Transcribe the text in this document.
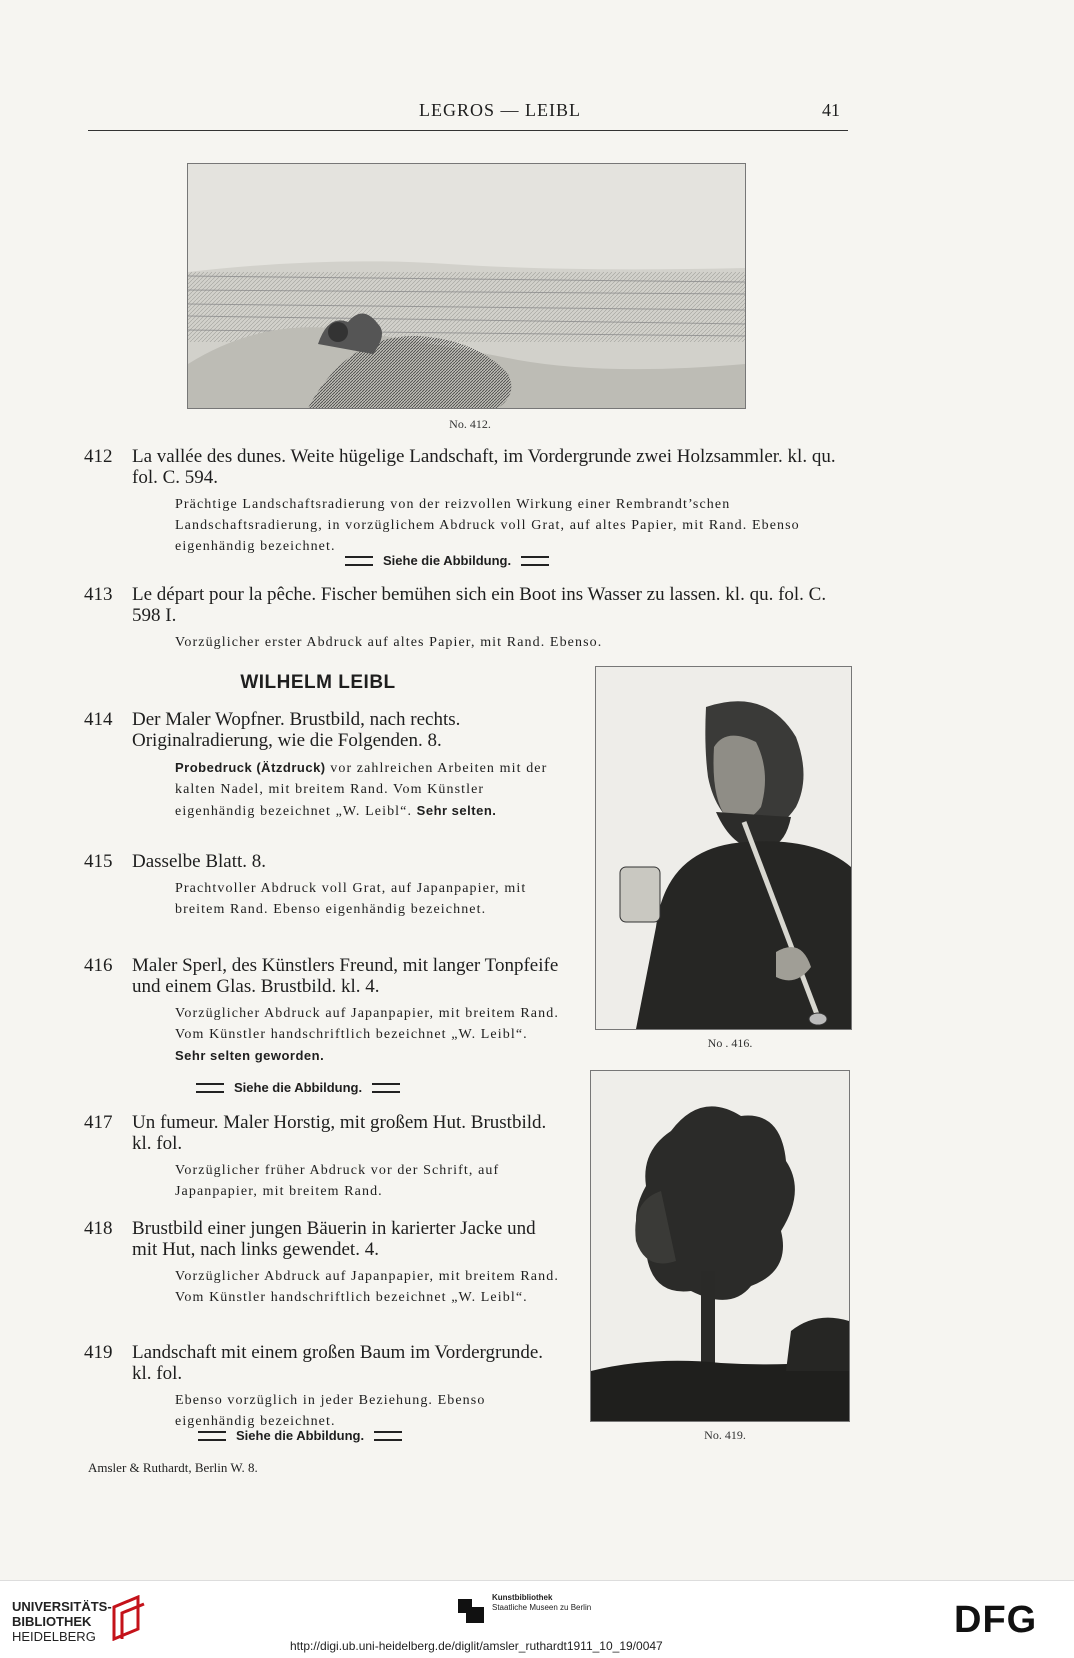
LEGROS — LEIBL	41
No. 412.
412 La vallée des dunes. Weite hügelige Landschaft, im Vordergrunde zwei Holzsammler. kl. qu. fol. C. 594.
Prächtige Landschaftsradierung von der reizvollen Wirkung einer Rembrandt’schen Landschaftsradierung, in vorzüglichem Abdruck voll Grat, auf altes Papier, mit Rand. Ebenso eigenhändig bezeichnet.
Siehe die Abbildung.
413 Le départ pour la pêche. Fischer bemühen sich ein Boot ins Wasser zu lassen. kl. qu. fol. C. 598 I.
Vorzüglicher erster Abdruck auf altes Papier, mit Rand. Ebenso.
WILHELM LEIBL
No . 416.
414 Der Maler Wopfner. Brustbild, nach rechts. Originalradierung, wie die Folgenden. 8.
Probedruck (Ätzdruck) vor zahlreichen Arbeiten mit der kalten Nadel, mit breitem Rand. Vom Künstler eigenhändig bezeichnet „W. Leibl“. Sehr selten.
415 Dasselbe Blatt. 8.
Prachtvoller Abdruck voll Grat, auf Japanpapier, mit breitem Rand. Ebenso eigenhändig bezeichnet.
416 Maler Sperl, des Künstlers Freund, mit langer Tonpfeife und einem Glas. Brustbild. kl. 4.
Vorzüglicher Abdruck auf Japanpapier, mit breitem Rand. Vom Künstler handschriftlich bezeichnet „W. Leibl“. Sehr selten geworden.
Siehe die Abbildung.
No. 419.
417 Un fumeur. Maler Horstig, mit großem Hut. Brustbild. kl. fol.
Vorzüglicher früher Abdruck vor der Schrift, auf Japanpapier, mit breitem Rand.
418 Brustbild einer jungen Bäuerin in karierter Jacke und mit Hut, nach links gewendet. 4.
Vorzüglicher Abdruck auf Japanpapier, mit breitem Rand. Vom Künstler handschriftlich bezeichnet „W. Leibl“.
419 Landschaft mit einem großen Baum im Vordergrunde. kl. fol.
Ebenso vorzüglich in jeder Beziehung. Ebenso eigenhändig bezeichnet.
Siehe die Abbildung.
Amsler & Ruthardt, Berlin W. 8.
UNIVERSITÄTS-
BIBLIOTHEK
HEIDELBERG
Kunstbibliothek
Staatliche Museen zu Berlin	DFG
http://digi.ub.uni-heidelberg.de/diglit/amsler_ruthardt1911_10_19/0047
